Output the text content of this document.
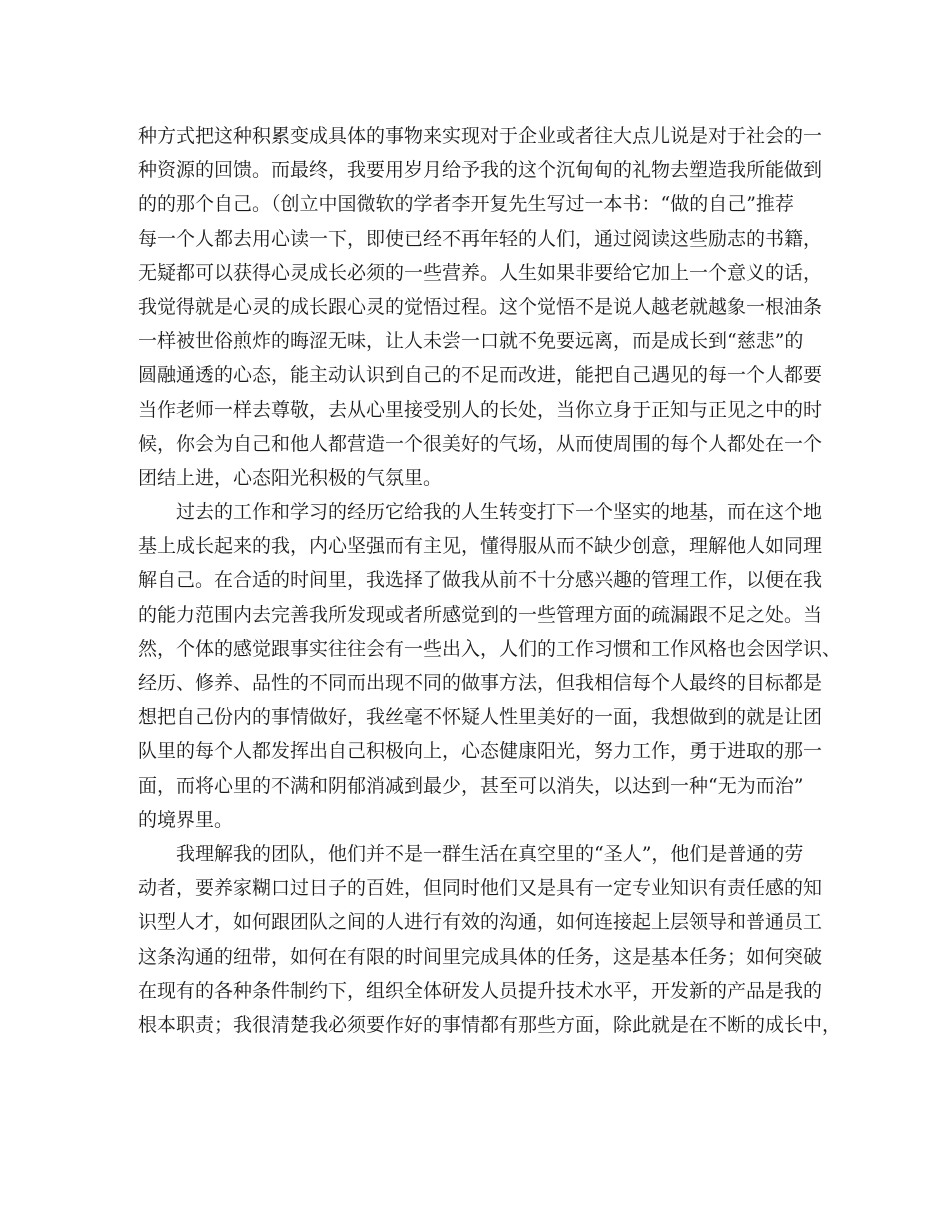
种方式把这种积累变成具体的事物来实现对于企业或者往大点儿说是对于社会的一
种资源的回馈。而最终，我要用岁月给予我的这个沉甸甸的礼物去塑造我所能做到
的的那个自己。（创立中国微软的学者李开复先生写过一本书：“做的自己”推荐
每一个人都去用心读一下，即使已经不再年轻的人们，通过阅读这些励志的书籍，
无疑都可以获得心灵成长必须的一些营养。人生如果非要给它加上一个意义的话，
我觉得就是心灵的成长跟心灵的觉悟过程。这个觉悟不是说人越老就越象一根油条
一样被世俗煎炸的晦涩无味，让人未尝一口就不免要远离，而是成长到“慈悲”的
圆融通透的心态，能主动认识到自己的不足而改进，能把自己遇见的每一个人都要
当作老师一样去尊敬，去从心里接受别人的长处，当你立身于正知与正见之中的时
候，你会为自己和他人都营造一个很美好的气场，从而使周围的每个人都处在一个
团结上进，心态阳光积极的气氛里。
过去的工作和学习的经历它给我的人生转变打下一个坚实的地基，而在这个地
基上成长起来的我，内心坚强而有主见，懂得服从而不缺少创意，理解他人如同理
解自己。在合适的时间里，我选择了做我从前不十分感兴趣的管理工作，以便在我
的能力范围内去完善我所发现或者所感觉到的一些管理方面的疏漏跟不足之处。当
然，个体的感觉跟事实往往会有一些出入，人们的工作习惯和工作风格也会因学识、
经历、修养、品性的不同而出现不同的做事方法，但我相信每个人最终的目标都是
想把自己份内的事情做好，我丝毫不怀疑人性里美好的一面，我想做到的就是让团
队里的每个人都发挥出自己积极向上，心态健康阳光，努力工作，勇于进取的那一
面，而将心里的不满和阴郁消减到最少，甚至可以消失，以达到一种“无为而治”
的境界里。
我理解我的团队，他们并不是一群生活在真空里的“圣人”，他们是普通的劳
动者，要养家糊口过日子的百姓，但同时他们又是具有一定专业知识有责任感的知
识型人才，如何跟团队之间的人进行有效的沟通，如何连接起上层领导和普通员工
这条沟通的纽带，如何在有限的时间里完成具体的任务，这是基本任务；如何突破
在现有的各种条件制约下，组织全体研发人员提升技术水平，开发新的产品是我的
根本职责；我很清楚我必须要作好的事情都有那些方面，除此就是在不断的成长中，
